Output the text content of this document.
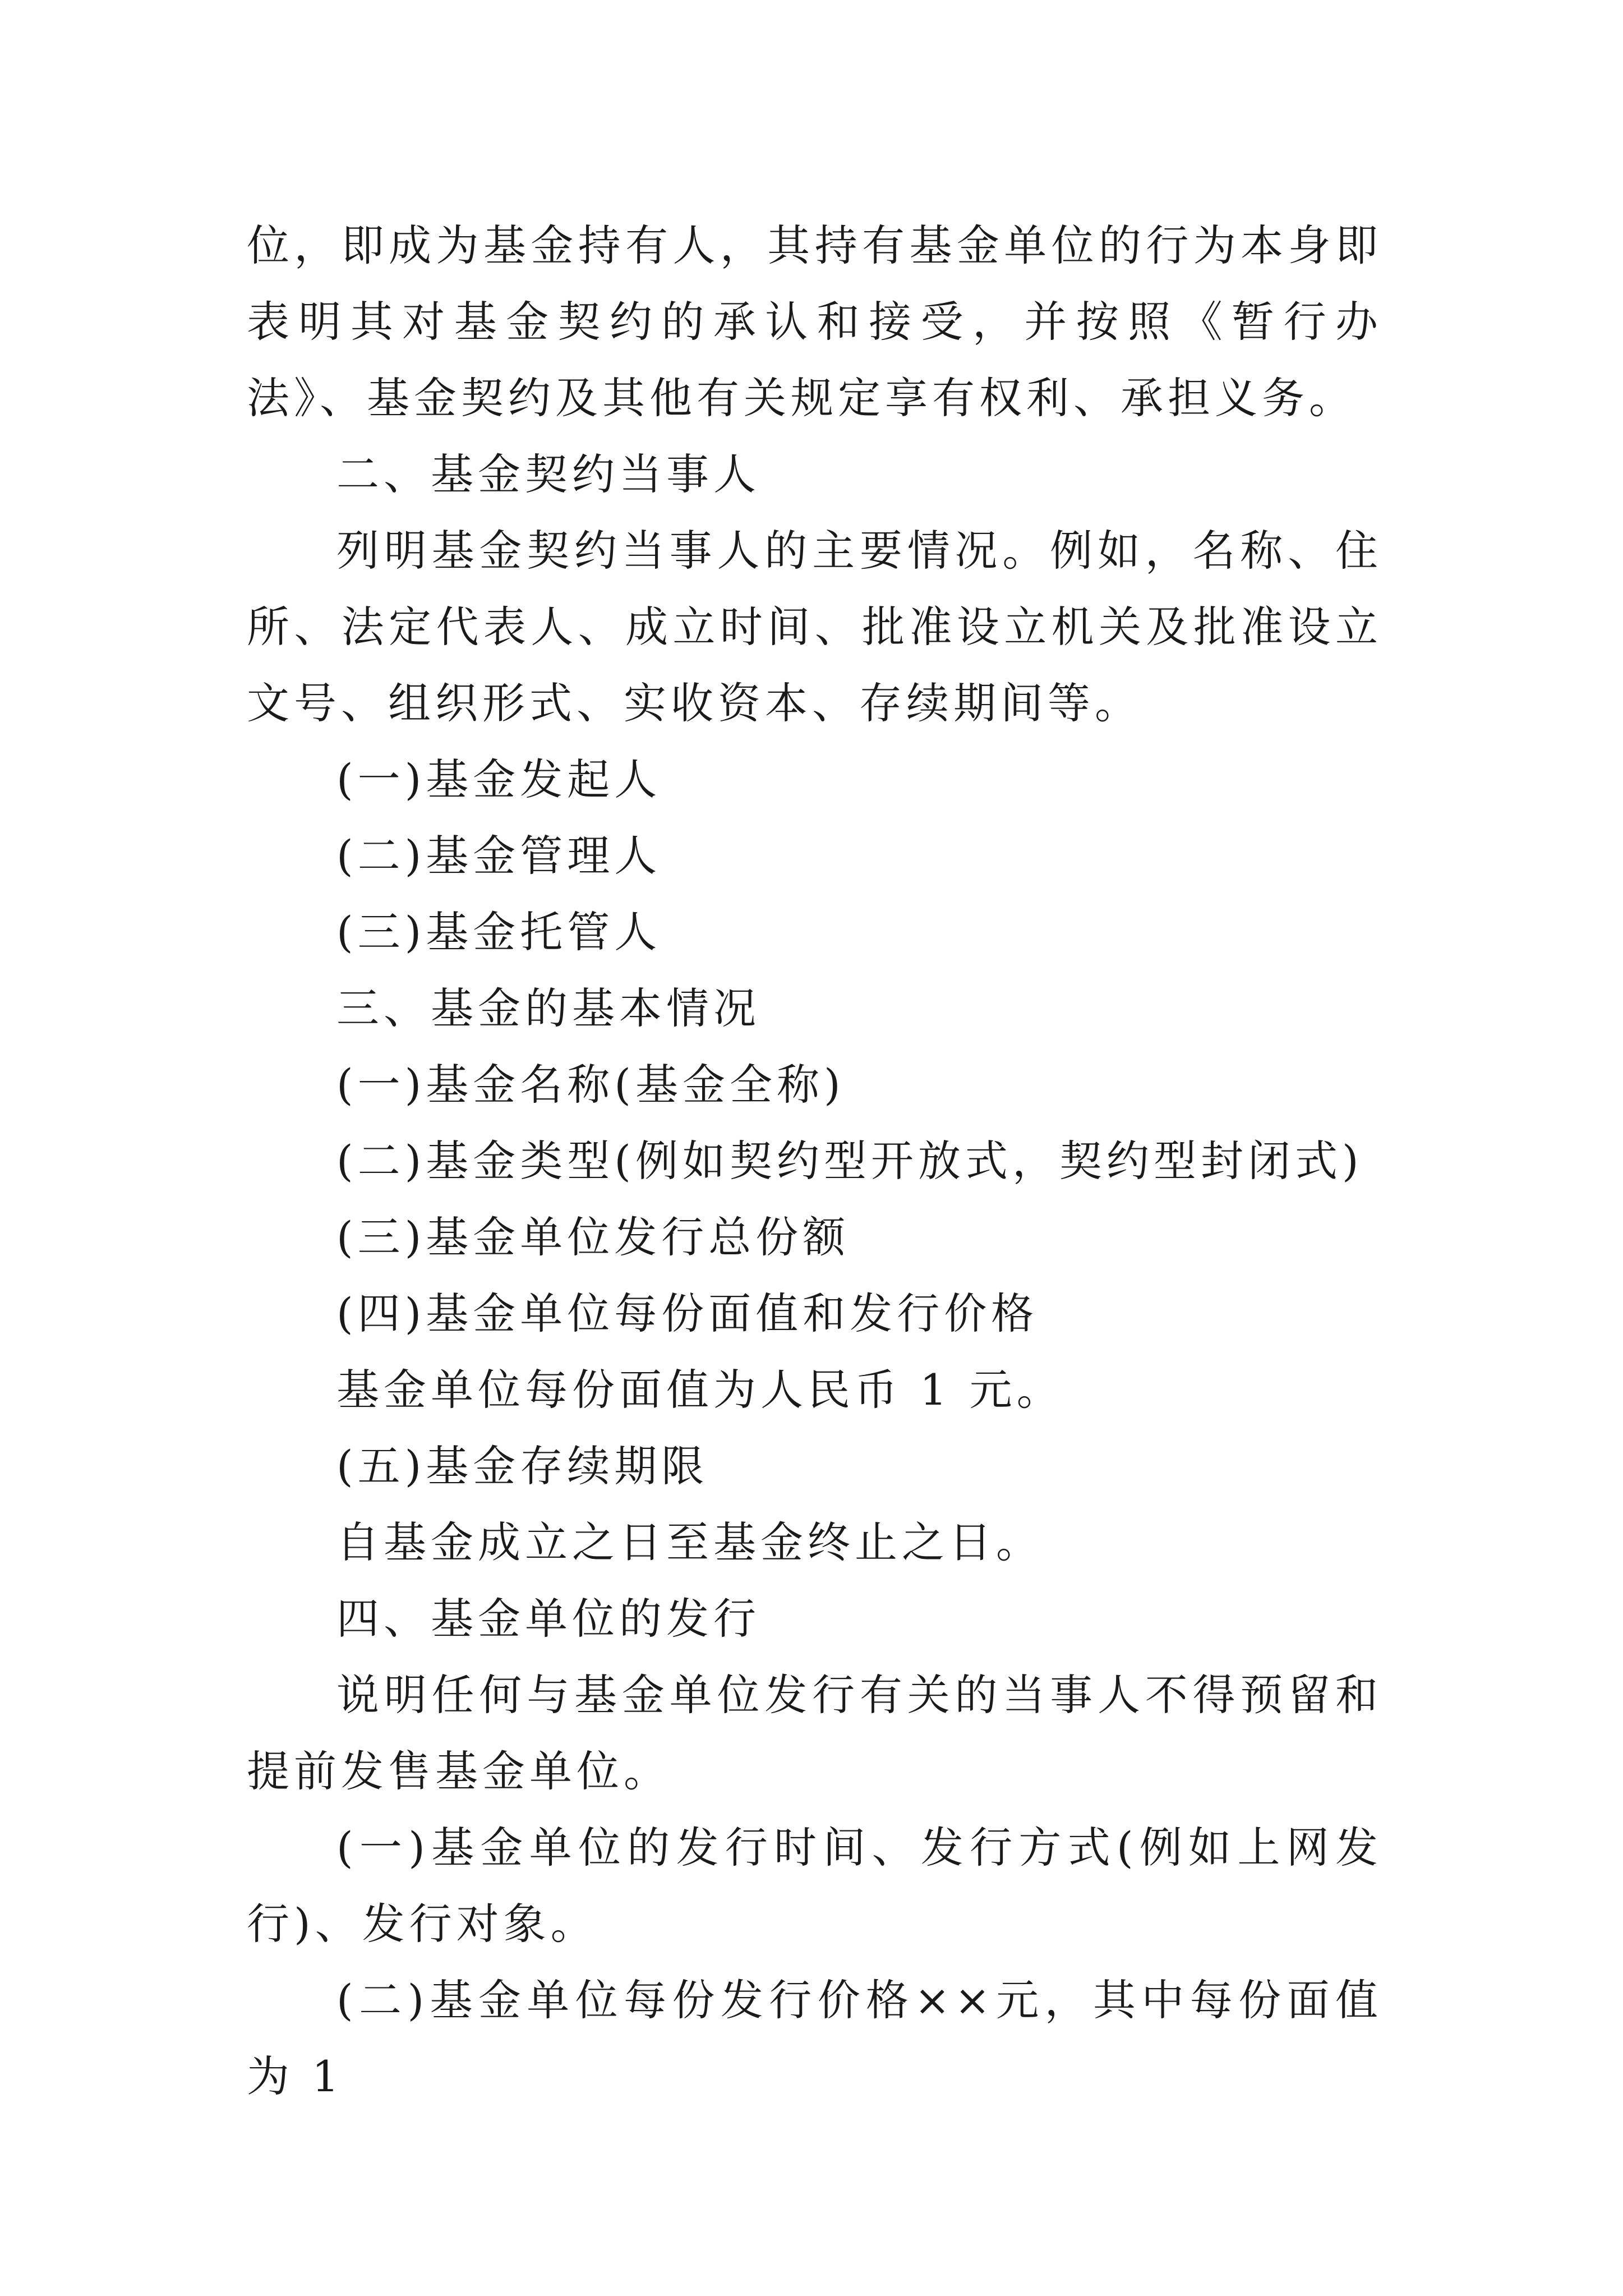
位，即成为基金持有人，其持有基金单位的行为本身即表明其对基金契约的承认和接受，并按照《暂行办法》、基金契约及其他有关规定享有权利、承担义务。

二、基金契约当事人

列明基金契约当事人的主要情况。例如，名称、住所、法定代表人、成立时间、批准设立机关及批准设立文号、组织形式、实收资本、存续期间等。

(一)基金发起人

(二)基金管理人

(三)基金托管人

三、基金的基本情况

(一)基金名称(基金全称)

(二)基金类型(例如契约型开放式，契约型封闭式)

(三)基金单位发行总份额

(四)基金单位每份面值和发行价格

基金单位每份面值为人民币 1 元。

(五)基金存续期限

自基金成立之日至基金终止之日。

四、基金单位的发行

说明任何与基金单位发行有关的当事人不得预留和提前发售基金单位。

(一)基金单位的发行时间、发行方式(例如上网发行)、发行对象。

(二)基金单位每份发行价格××元，其中每份面值为 1
